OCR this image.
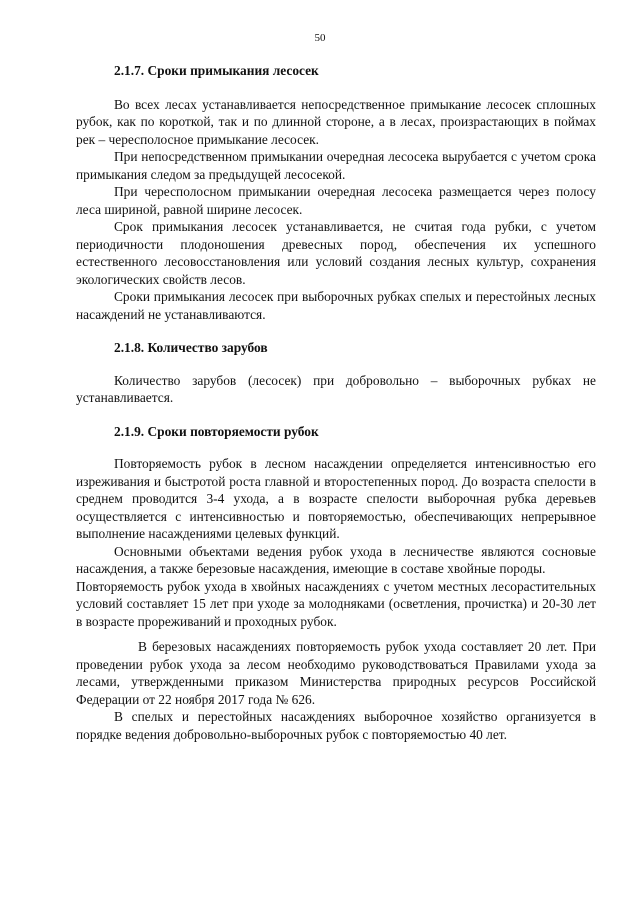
50
2.1.7. Сроки примыкания лесосек

Во всех лесах устанавливается непосредственное примыкание лесосек сплошных рубок, как по короткой, так и по длинной стороне, а в лесах, произрастающих в поймах рек – чересполосное примыкание лесосек.

При непосредственном примыкании очередная лесосека вырубается с учетом срока примыкания следом за предыдущей лесосекой.

При чересполосном примыкании очередная лесосека размещается через полосу леса шириной, равной ширине лесосек.

Срок примыкания лесосек устанавливается, не считая года рубки, с учетом периодичности плодоношения древесных пород, обеспечения их успешного естественного лесовосстановления или условий создания лесных культур, сохранения экологических свойств лесов.

Сроки примыкания лесосек при выборочных рубках спелых и перестойных лесных насаждений не устанавливаются.

2.1.8. Количество зарубов

Количество зарубов (лесосек) при добровольно – выборочных рубках не устанавливается.

2.1.9. Сроки повторяемости рубок

Повторяемость рубок в лесном насаждении определяется интенсивностью его изреживания и быстротой роста главной и второстепенных пород. До возраста спелости в среднем проводится 3-4 ухода, а в возрасте спелости выборочная рубка деревьев осуществляется с интенсивностью и повторяемостью, обеспечивающих непрерывное выполнение насаждениями целевых функций.

Основными объектами ведения рубок ухода в лесничестве являются сосновые насаждения, а также березовые насаждения, имеющие в составе хвойные породы.

Повторяемость рубок ухода в хвойных насаждениях с учетом местных лесорастительных условий составляет 15 лет при уходе за молодняками (осветления, прочистка) и 20-30 лет в возрасте прореживаний и проходных рубок.

В березовых насаждениях повторяемость рубок ухода составляет 20 лет. При проведении рубок ухода за лесом необходимо руководствоваться Правилами ухода за лесами, утвержденными приказом Министерства природных ресурсов Российской Федерации от 22 ноября 2017 года № 626.

В спелых и перестойных насаждениях выборочное хозяйство организуется в порядке ведения добровольно-выборочных рубок с повторяемостью 40 лет.
